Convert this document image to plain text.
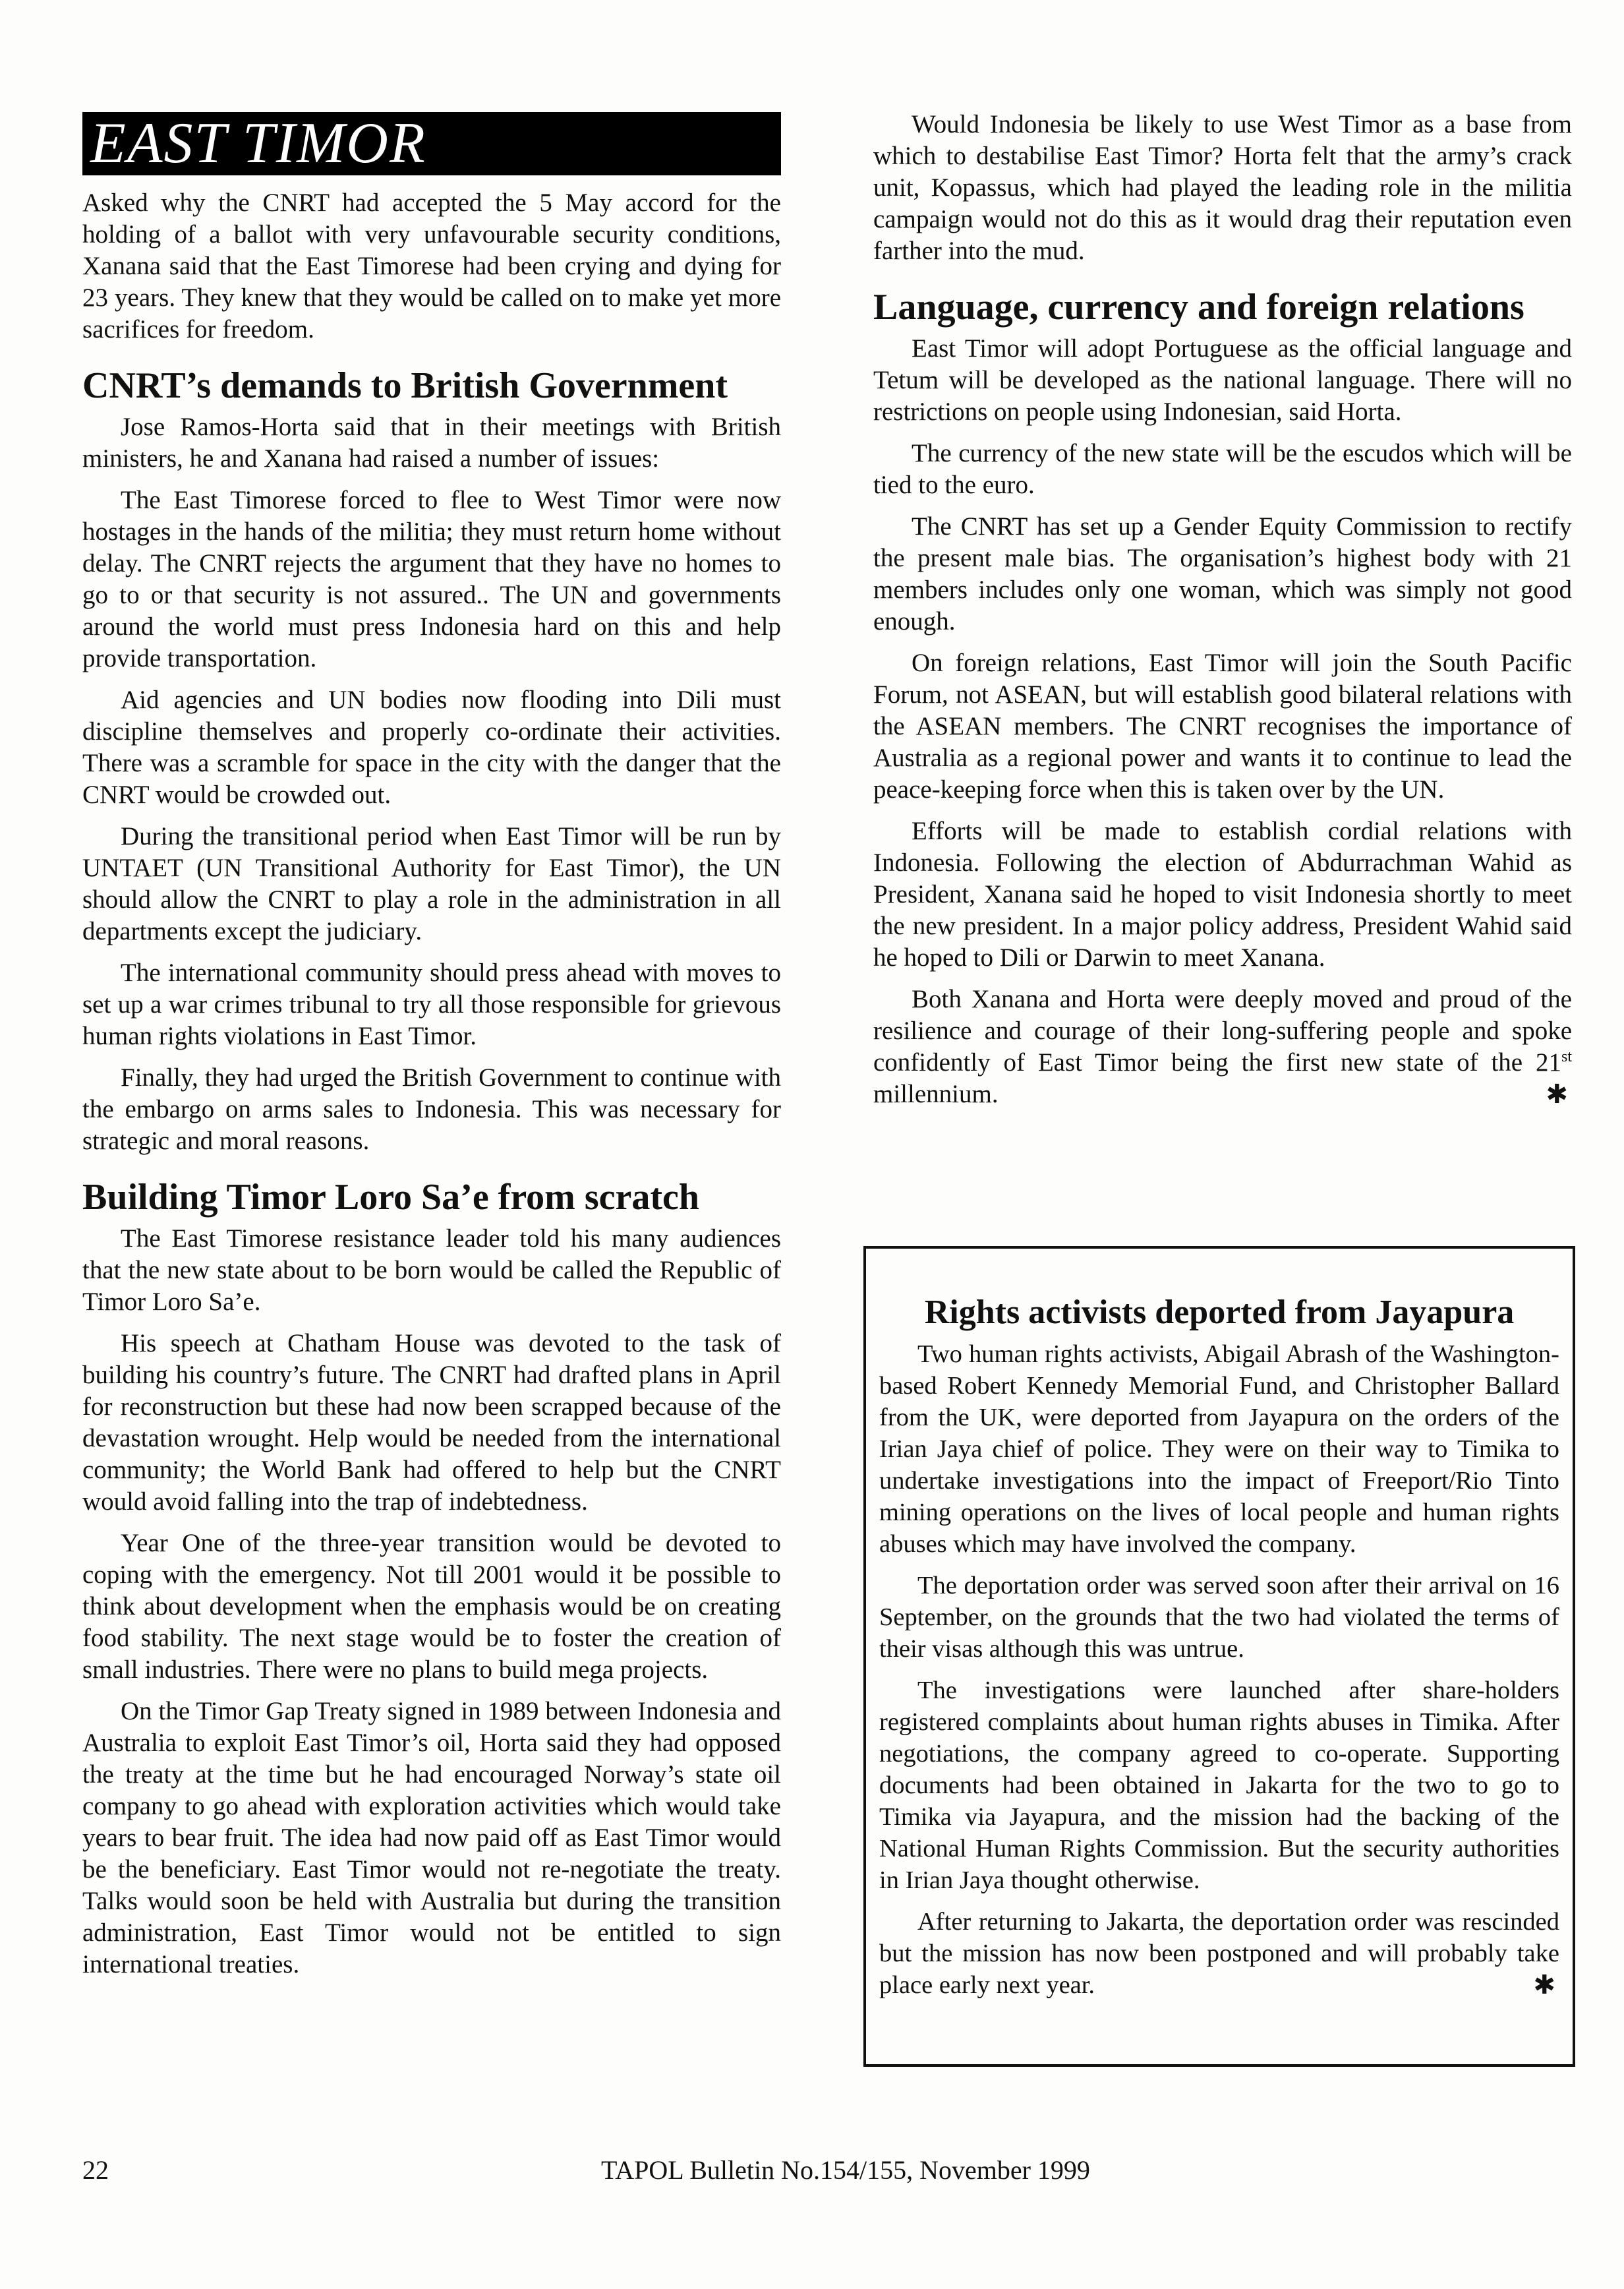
EAST TIMOR

Asked why the CNRT had accepted the 5 May accord for the holding of a ballot with very unfavourable security conditions, Xanana said that the East Timorese had been crying and dying for 23 years. They knew that they would be called on to make yet more sacrifices for freedom.

CNRT’s demands to British Government

Jose Ramos-Horta said that in their meetings with British ministers, he and Xanana had raised a number of issues:

The East Timorese forced to flee to West Timor were now hostages in the hands of the militia; they must return home without delay. The CNRT rejects the argument that they have no homes to go to or that security is not assured.. The UN and governments around the world must press Indonesia hard on this and help provide transportation.

Aid agencies and UN bodies now flooding into Dili must discipline themselves and properly co-ordinate their activities. There was a scramble for space in the city with the danger that the CNRT would be crowded out.

During the transitional period when East Timor will be run by UNTAET (UN Transitional Authority for East Timor), the UN should allow the CNRT to play a role in the administration in all departments except the judiciary.

The international community should press ahead with moves to set up a war crimes tribunal to try all those responsible for grievous human rights violations in East Timor.

Finally, they had urged the British Government to continue with the embargo on arms sales to Indonesia. This was necessary for strategic and moral reasons.

Building Timor Loro Sa’e from scratch

The East Timorese resistance leader told his many audiences that the new state about to be born would be called the Republic of Timor Loro Sa’e.

His speech at Chatham House was devoted to the task of building his country’s future. The CNRT had drafted plans in April for reconstruction but these had now been scrapped because of the devastation wrought. Help would be needed from the international community; the World Bank had offered to help but the CNRT would avoid falling into the trap of indebtedness.

Year One of the three-year transition would be devoted to coping with the emergency. Not till 2001 would it be possible to think about development when the emphasis would be on creating food stability. The next stage would be to foster the creation of small industries. There were no plans to build mega projects.

On the Timor Gap Treaty signed in 1989 between Indonesia and Australia to exploit East Timor’s oil, Horta said they had opposed the treaty at the time but he had encouraged Norway’s state oil company to go ahead with exploration activities which would take years to bear fruit. The idea had now paid off as East Timor would be the beneficiary. East Timor would not re-negotiate the treaty. Talks would soon be held with Australia but during the transition administration, East Timor would not be entitled to sign international treaties.

Would Indonesia be likely to use West Timor as a base from which to destabilise East Timor? Horta felt that the army’s crack unit, Kopassus, which had played the leading role in the militia campaign would not do this as it would drag their reputation even farther into the mud.

Language, currency and foreign relations

East Timor will adopt Portuguese as the official language and Tetum will be developed as the national language. There will no restrictions on people using Indonesian, said Horta.

The currency of the new state will be the escudos which will be tied to the euro.

The CNRT has set up a Gender Equity Commission to rectify the present male bias. The organisation’s highest body with 21 members includes only one woman, which was simply not good enough.

On foreign relations, East Timor will join the South Pacific Forum, not ASEAN, but will establish good bilateral relations with the ASEAN members. The CNRT recognises the importance of Australia as a regional power and wants it to continue to lead the peace-keeping force when this is taken over by the UN.

Efforts will be made to establish cordial relations with Indonesia. Following the election of Abdurrachman Wahid as President, Xanana said he hoped to visit Indonesia shortly to meet the new president. In a major policy address, President Wahid said he hoped to Dili or Darwin to meet Xanana.

Both Xanana and Horta were deeply moved and proud of the resilience and courage of their long-suffering people and spoke confidently of East Timor being the first new state of the 21st millennium.	✱

Rights activists deported from Jayapura

Two human rights activists, Abigail Abrash of the Washington-based Robert Kennedy Memorial Fund, and Christopher Ballard from the UK, were deported from Jayapura on the orders of the Irian Jaya chief of police. They were on their way to Timika to undertake investigations into the impact of Freeport/Rio Tinto mining operations on the lives of local people and human rights abuses which may have involved the company.

The deportation order was served soon after their arrival on 16 September, on the grounds that the two had violated the terms of their visas although this was untrue.

The investigations were launched after share-holders registered complaints about human rights abuses in Timika. After negotiations, the company agreed to co-operate. Supporting documents had been obtained in Jakarta for the two to go to Timika via Jayapura, and the mission had the backing of the National Human Rights Commission. But the security authorities in Irian Jaya thought otherwise.

After returning to Jakarta, the deportation order was rescinded but the mission has now been postponed and will probably take place early next year.	✱

22	TAPOL Bulletin No.154/155, November 1999
